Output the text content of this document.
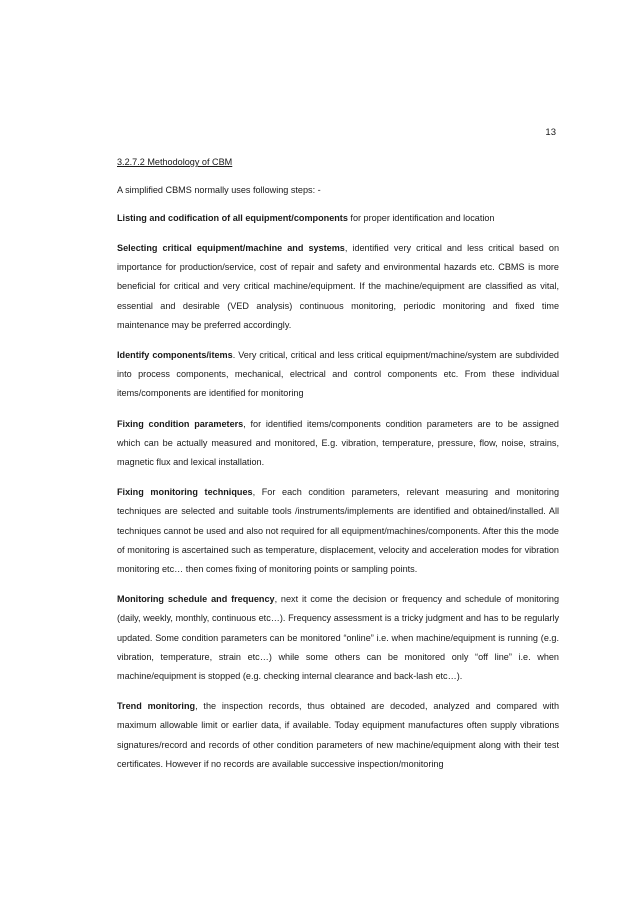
13

3.2.7.2 Methodology of CBM

A simplified CBMS normally uses following steps: -

Listing and codification of all equipment/components for proper identification and location

Selecting critical equipment/machine and systems, identified very critical and less critical based on importance for production/service, cost of repair and safety and environmental hazards etc. CBMS is more beneficial for critical and very critical machine/equipment. If the machine/equipment are classified as vital, essential and desirable (VED analysis) continuous monitoring, periodic monitoring and fixed time maintenance may be preferred accordingly.

Identify components/items. Very critical, critical and less critical equipment/machine/system are subdivided into process components, mechanical, electrical and control components etc. From these individual items/components are identified for monitoring

Fixing condition parameters, for identified items/components condition parameters are to be assigned which can be actually measured and monitored, E.g. vibration, temperature, pressure, flow, noise, strains, magnetic flux and lexical installation.

Fixing monitoring techniques, For each condition parameters, relevant measuring and monitoring techniques are selected and suitable tools /instruments/implements are identified and obtained/installed. All techniques cannot be used and also not required for all equipment/machines/components. After this the mode of monitoring is ascertained such as temperature, displacement, velocity and acceleration modes for vibration monitoring etc… then comes fixing of monitoring points or sampling points.

Monitoring schedule and frequency, next it come the decision or frequency and schedule of monitoring (daily, weekly, monthly, continuous etc…). Frequency assessment is a tricky judgment and has to be regularly updated. Some condition parameters can be monitored “online” i.e. when machine/equipment is running (e.g. vibration, temperature, strain etc…) while some others can be monitored only “off line” i.e. when machine/equipment is stopped (e.g. checking internal clearance and back-lash etc…).

Trend monitoring, the inspection records, thus obtained are decoded, analyzed and compared with maximum allowable limit or earlier data, if available. Today equipment manufactures often supply vibrations signatures/record and records of other condition parameters of new machine/equipment along with their test certificates. However if no records are available successive inspection/monitoring
